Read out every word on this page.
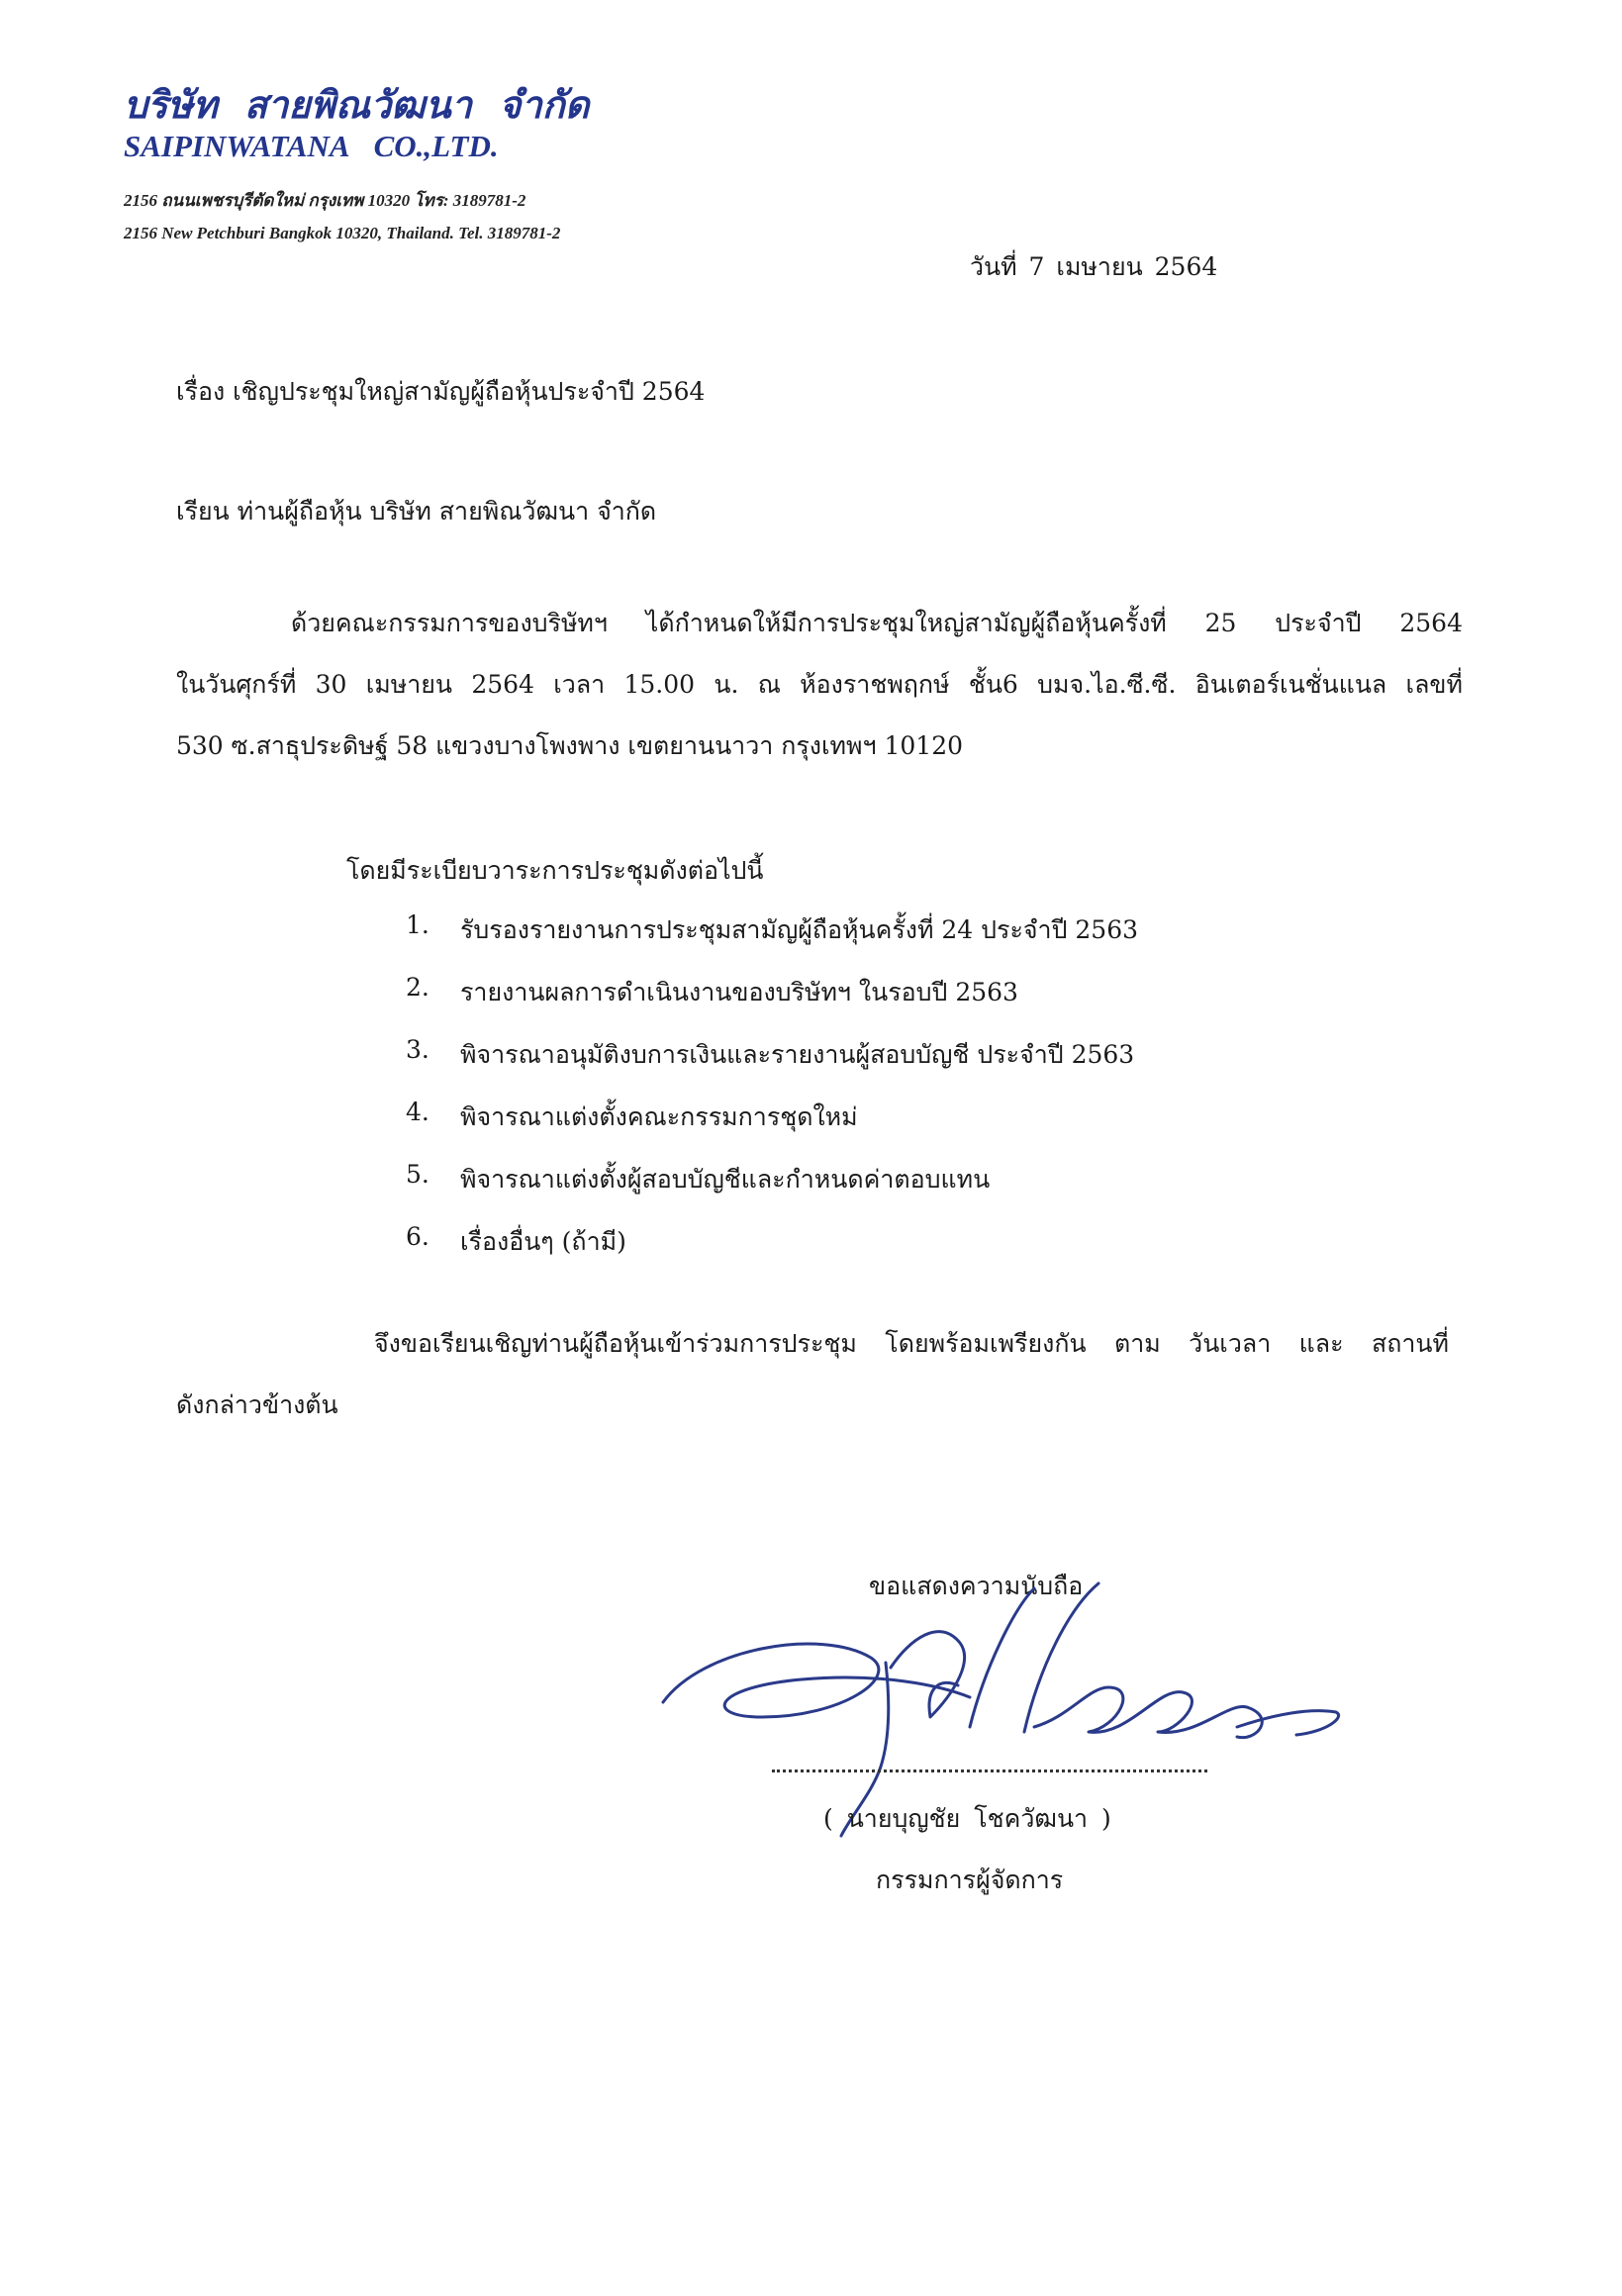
บริษัท สายพิณวัฒนา จำกัด
SAIPINWATANA CO.,LTD.
2156 ถนนเพชรบุรีตัดใหม่ กรุงเทพ 10320 โทร: 3189781-2
2156 New Petchburi Bangkok 10320, Thailand. Tel. 3189781-2
วันที่ 7 เมษายน 2564
เรื่อง เชิญประชุมใหญ่สามัญผู้ถือหุ้นประจำปี 2564
เรียน ท่านผู้ถือหุ้น บริษัท สายพิณวัฒนา จำกัด
ด้วยคณะกรรมการของบริษัทฯ ได้กำหนดให้มีการประชุมใหญ่สามัญผู้ถือหุ้นครั้งที่ 25 ประจำปี 2564
ในวันศุกร์ที่ 30 เมษายน 2564 เวลา 15.00 น. ณ ห้องราชพฤกษ์ ชั้น6 บมจ.ไอ.ซี.ซี. อินเตอร์เนชั่นแนล เลขที่
530 ซ.สาธุประดิษฐ์ 58 แขวงบางโพงพาง เขตยานนาวา กรุงเทพฯ 10120
โดยมีระเบียบวาระการประชุมดังต่อไปนี้
1.	รับรองรายงานการประชุมสามัญผู้ถือหุ้นครั้งที่ 24 ประจำปี 2563
2.	รายงานผลการดำเนินงานของบริษัทฯ ในรอบปี 2563
3.	พิจารณาอนุมัติงบการเงินและรายงานผู้สอบบัญชี ประจำปี 2563
4.	พิจารณาแต่งตั้งคณะกรรมการชุดใหม่
5.	พิจารณาแต่งตั้งผู้สอบบัญชีและกำหนดค่าตอบแทน
6.	เรื่องอื่นๆ (ถ้ามี)
จึงขอเรียนเชิญท่านผู้ถือหุ้นเข้าร่วมการประชุม โดยพร้อมเพรียงกัน ตาม วันเวลา และ สถานที่
ดังกล่าวข้างต้น
ขอแสดงความนับถือ
( นายบุญชัย โชควัฒนา )
กรรมการผู้จัดการ
